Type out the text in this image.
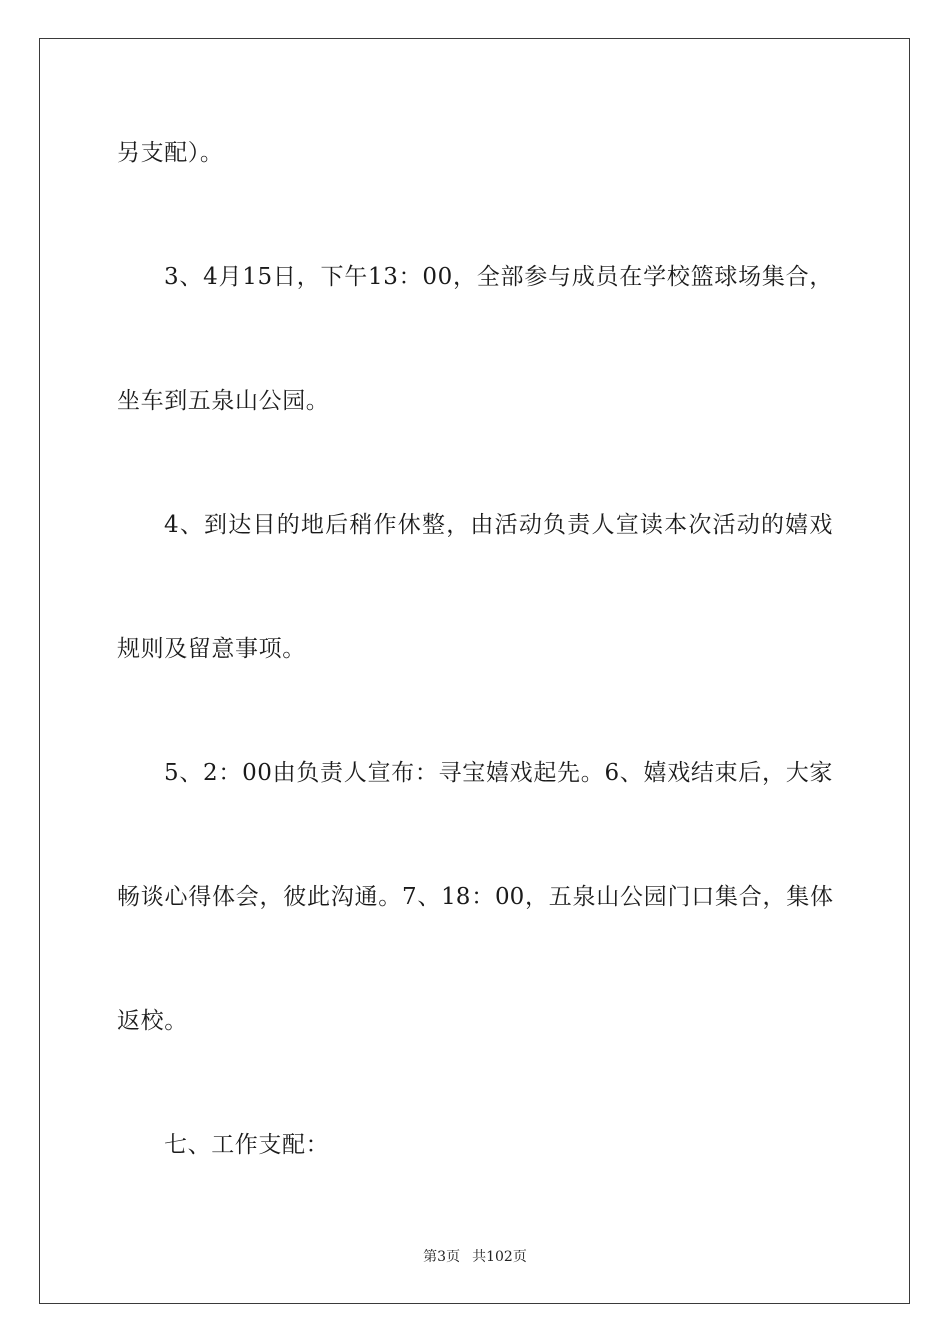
另支配）。
3、4月15日，下午13：00，全部参与成员在学校篮球场集合，
坐车到五泉山公园。
4、到达目的地后稍作休整，由活动负责人宣读本次活动的嬉戏
规则及留意事项。
5、2：00由负责人宣布：寻宝嬉戏起先。6、嬉戏结束后，大家
畅谈心得体会，彼此沟通。7、18：00，五泉山公园门口集合，集体
返校。
七、工作支配：
第3页 共102页
